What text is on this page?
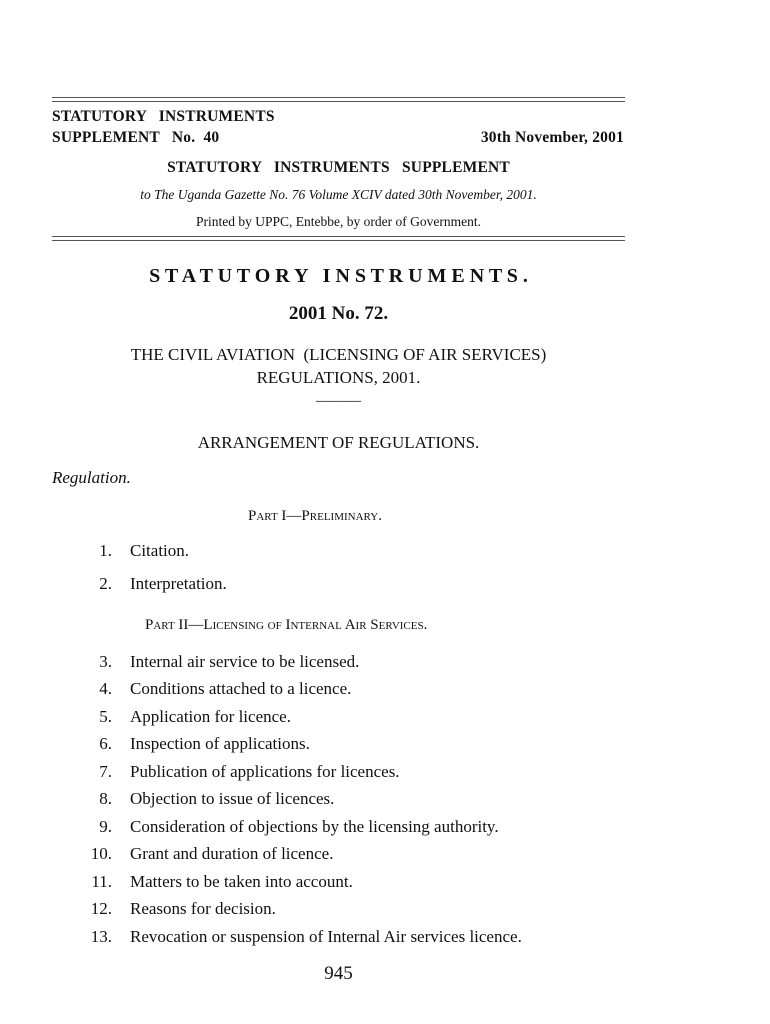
STATUTORY   INSTRUMENTS
SUPPLEMENT   No.  40	30th November, 2001
STATUTORY   INSTRUMENTS   SUPPLEMENT
to The Uganda Gazette No. 76 Volume XCIV dated 30th November, 2001.
Printed by UPPC, Entebbe, by order of Government.
S T A T U T O R Y   I N S T R U M E N T S .
2001 No. 72.
THE CIVIL AVIATION  (LICENSING OF AIR SERVICES)
REGULATIONS, 2001.
———
ARRANGEMENT OF REGULATIONS.
Regulation.
Part I—Preliminary.
1. Citation.
2. Interpretation.
Part II—Licensing of Internal Air Services.
3. Internal air service to be licensed.
4. Conditions attached to a licence.
5. Application for licence.
6. Inspection of applications.
7. Publication of applications for licences.
8. Objection to issue of licences.
9. Consideration of objections by the licensing authority.
10. Grant and duration of licence.
11. Matters to be taken into account.
12. Reasons for decision.
13. Revocation or suspension of Internal Air services licence.
945
